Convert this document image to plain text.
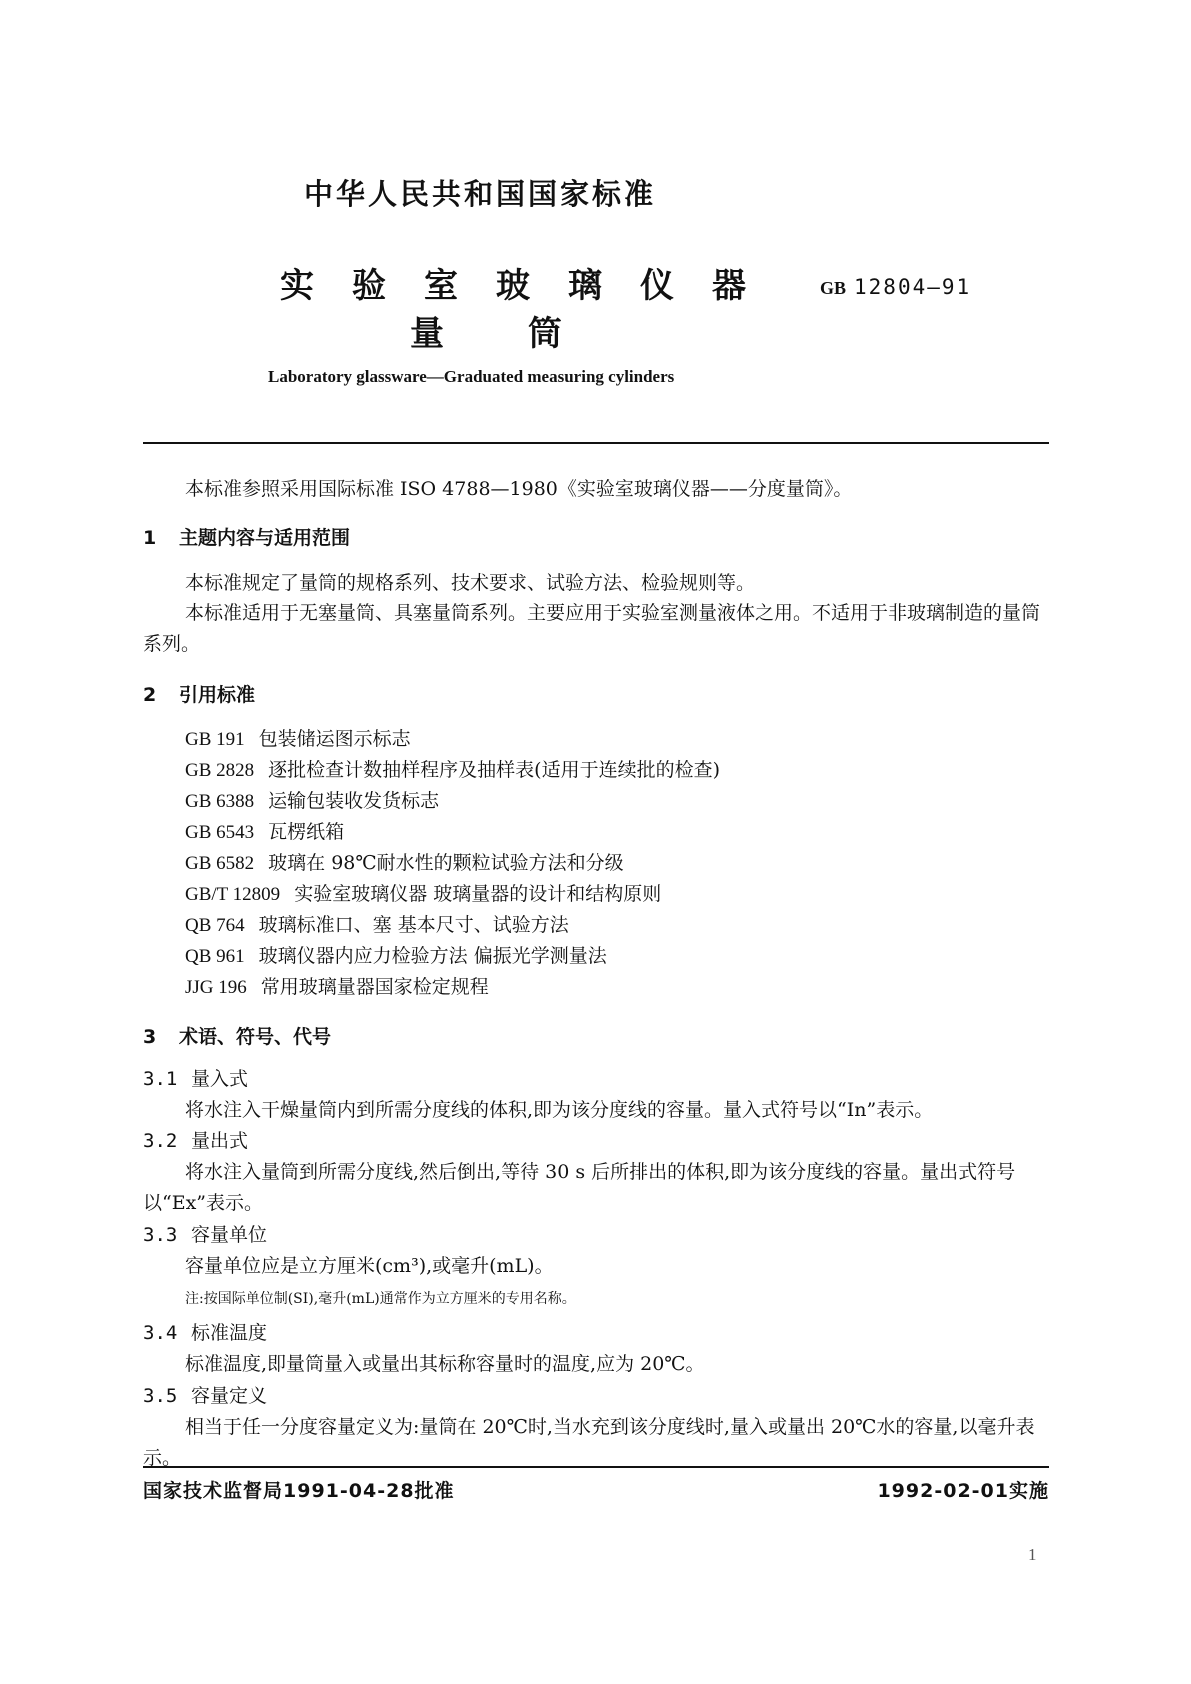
中华人民共和国国家标准
实验室玻璃仪器
量筒
GB 12804—91
Laboratory glassware—Graduated measuring cylinders
本标准参照采用国际标准 ISO 4788—1980《实验室玻璃仪器——分度量筒》。
1 主题内容与适用范围
本标准规定了量筒的规格系列、技术要求、试验方法、检验规则等。
本标准适用于无塞量筒、具塞量筒系列。主要应用于实验室测量液体之用。不适用于非玻璃制造的量筒系列。
2 引用标准
GB 191 包装储运图示标志
GB 2828 逐批检查计数抽样程序及抽样表(适用于连续批的检查)
GB 6388 运输包装收发货标志
GB 6543 瓦楞纸箱
GB 6582 玻璃在 98℃耐水性的颗粒试验方法和分级
GB/T 12809 实验室玻璃仪器 玻璃量器的设计和结构原则
QB 764 玻璃标准口、塞 基本尺寸、试验方法
QB 961 玻璃仪器内应力检验方法 偏振光学测量法
JJG 196 常用玻璃量器国家检定规程
3 术语、符号、代号
3.1 量入式
将水注入干燥量筒内到所需分度线的体积,即为该分度线的容量。量入式符号以“In”表示。
3.2 量出式
将水注入量筒到所需分度线,然后倒出,等待 30 s 后所排出的体积,即为该分度线的容量。量出式符号以“Ex”表示。
3.3 容量单位
容量单位应是立方厘米(cm³),或毫升(mL)。
注:按国际单位制(SI),毫升(mL)通常作为立方厘米的专用名称。
3.4 标准温度
标准温度,即量筒量入或量出其标称容量时的温度,应为 20℃。
3.5 容量定义
相当于任一分度容量定义为:量筒在 20℃时,当水充到该分度线时,量入或量出 20℃水的容量,以毫升表示。
国家技术监督局1991-04-28批准	1992-02-01实施
1
